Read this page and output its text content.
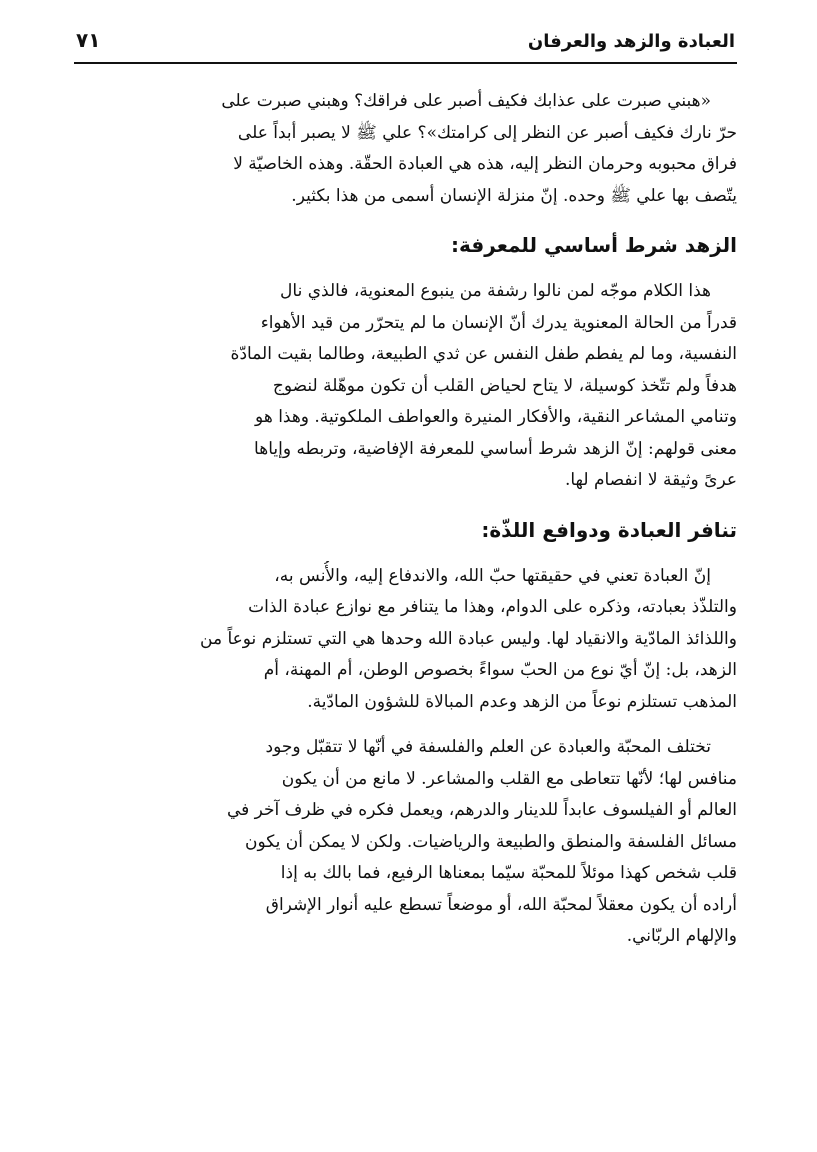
العبادة والزهد والعرفان
٧١

«هبني صبرت على عذابك فكيف أصبر على فراقك؟ وهبني صبرت على
حرّ نارك فكيف أصبر عن النظر إلى كرامتك»؟ علي ﷺ لا يصبر أبداً على
فراق محبوبه وحرمان النظر إليه، هذه هي العبادة الحقّة. وهذه الخاصيّة لا
يتّصف بها علي ﷺ وحده. إنّ منزلة الإنسان أسمى من هذا بكثير.

الزهد شرط أساسي للمعرفة:

هذا الكلام موجّه لمن نالوا رشفة من ينبوع المعنوية، فالذي نال
قدراً من الحالة المعنوية يدرك أنّ الإنسان ما لم يتحرّر من قيد الأهواء
النفسية، وما لم يفطم طفل النفس عن ثدي الطبيعة، وطالما بقيت المادّة
هدفاً ولم تتّخذ كوسيلة، لا يتاح لحياض القلب أن تكون موهّلة لنضوج
وتنامي المشاعر النقية، والأفكار المنيرة والعواطف الملكوتية. وهذا هو
معنى قولهم: إنّ الزهد شرط أساسي للمعرفة الإفاضية، وتربطه وإياها
عرىً وثيقة لا انفصام لها.

تنافر العبادة ودوافع اللذّة:

إنّ العبادة تعني في حقيقتها حبّ الله، والاندفاع إليه، والأُنس به،
والتلذّذ بعبادته، وذكره على الدوام، وهذا ما يتنافر مع نوازع عبادة الذات
واللذائذ المادّية والانقياد لها. وليس عبادة الله وحدها هي التي تستلزم نوعاً من
الزهد، بل: إنّ أيّ نوع من الحبّ سواءً بخصوص الوطن، أم المهنة، أم
المذهب تستلزم نوعاً من الزهد وعدم المبالاة للشؤون المادّية.

تختلف المحبّة والعبادة عن العلم والفلسفة في أنّها لا تتقبّل وجود
منافس لها؛ لأنّها تتعاطى مع القلب والمشاعر. لا مانع من أن يكون
العالم أو الفيلسوف عابداً للدينار والدرهم، ويعمل فكره في ظرف آخر في
مسائل الفلسفة والمنطق والطبيعة والرياضيات. ولكن لا يمكن أن يكون
قلب شخص كهذا موئلاً للمحبّة سيّما بمعناها الرفيع، فما بالك به إذا
أراده أن يكون معقلاً لمحبّة الله، أو موضعاً تسطع عليه أنوار الإشراق
والإلهام الربّاني.
